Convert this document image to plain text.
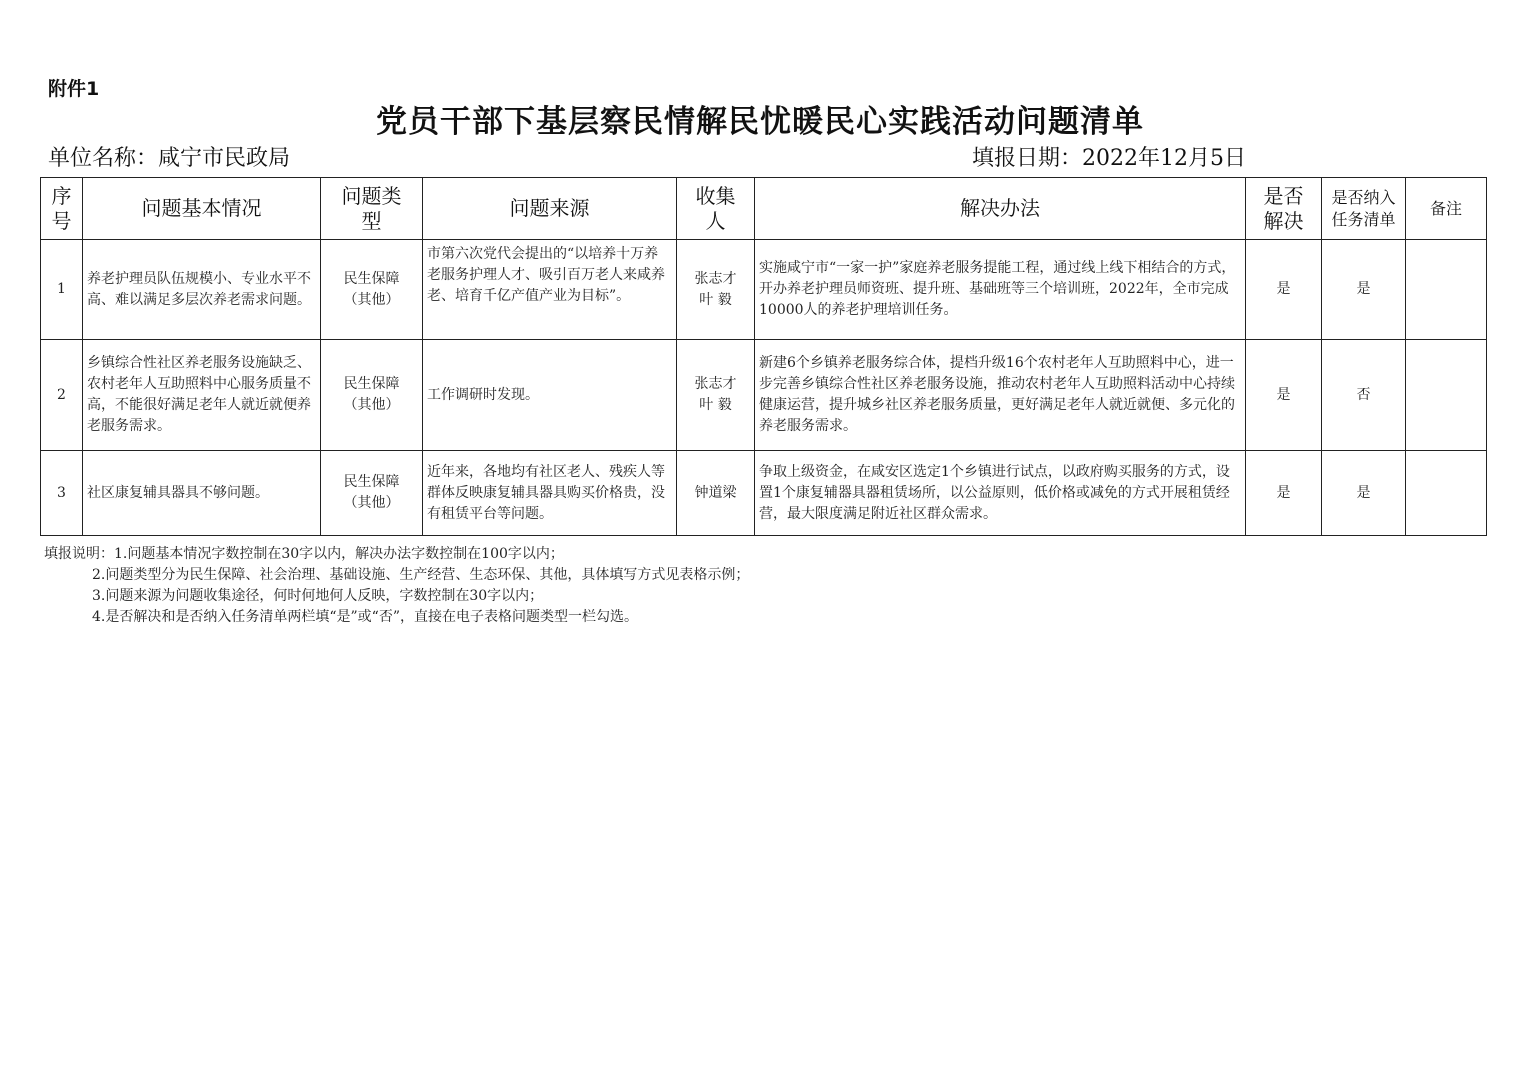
附件1
党员干部下基层察民情解民忧暖民心实践活动问题清单
单位名称：咸宁市民政局	填报日期：2022年12月5日
序号	问题基本情况	问题类型	问题来源	收集人	解决办法	是否解决	是否纳入任务清单	备注
1	养老护理员队伍规模小、专业水平不高、难以满足多层次养老需求问题。	民生保障（其他）	市第六次党代会提出的“以培养十万养老服务护理人才、吸引百万老人来咸养老、培育千亿产值产业为目标”。	张志才 叶 毅	实施咸宁市“一家一护”家庭养老服务提能工程，通过线上线下相结合的方式，开办养老护理员师资班、提升班、基础班等三个培训班，2022年，全市完成10000人的养老护理培训任务。	是	是	
2	乡镇综合性社区养老服务设施缺乏、农村老年人互助照料中心服务质量不高，不能很好满足老年人就近就便养老服务需求。	民生保障（其他）	工作调研时发现。	张志才 叶 毅	新建6个乡镇养老服务综合体，提档升级16个农村老年人互助照料中心，进一步完善乡镇综合性社区养老服务设施，推动农村老年人互助照料活动中心持续健康运营，提升城乡社区养老服务质量，更好满足老年人就近就便、多元化的养老服务需求。	是	否	
3	社区康复辅具器具不够问题。	民生保障（其他）	近年来，各地均有社区老人、残疾人等群体反映康复辅具器具购买价格贵，没有租赁平台等问题。	钟道梁	争取上级资金，在咸安区选定1个乡镇进行试点，以政府购买服务的方式，设置1个康复辅器具器租赁场所，以公益原则，低价格或减免的方式开展租赁经营，最大限度满足附近社区群众需求。	是	是	
填报说明：1.问题基本情况字数控制在30字以内，解决办法字数控制在100字以内；
2.问题类型分为民生保障、社会治理、基础设施、生产经营、生态环保、其他，具体填写方式见表格示例；
3.问题来源为问题收集途径，何时何地何人反映，字数控制在30字以内；
4.是否解决和是否纳入任务清单两栏填“是”或“否”，直接在电子表格问题类型一栏勾选。
